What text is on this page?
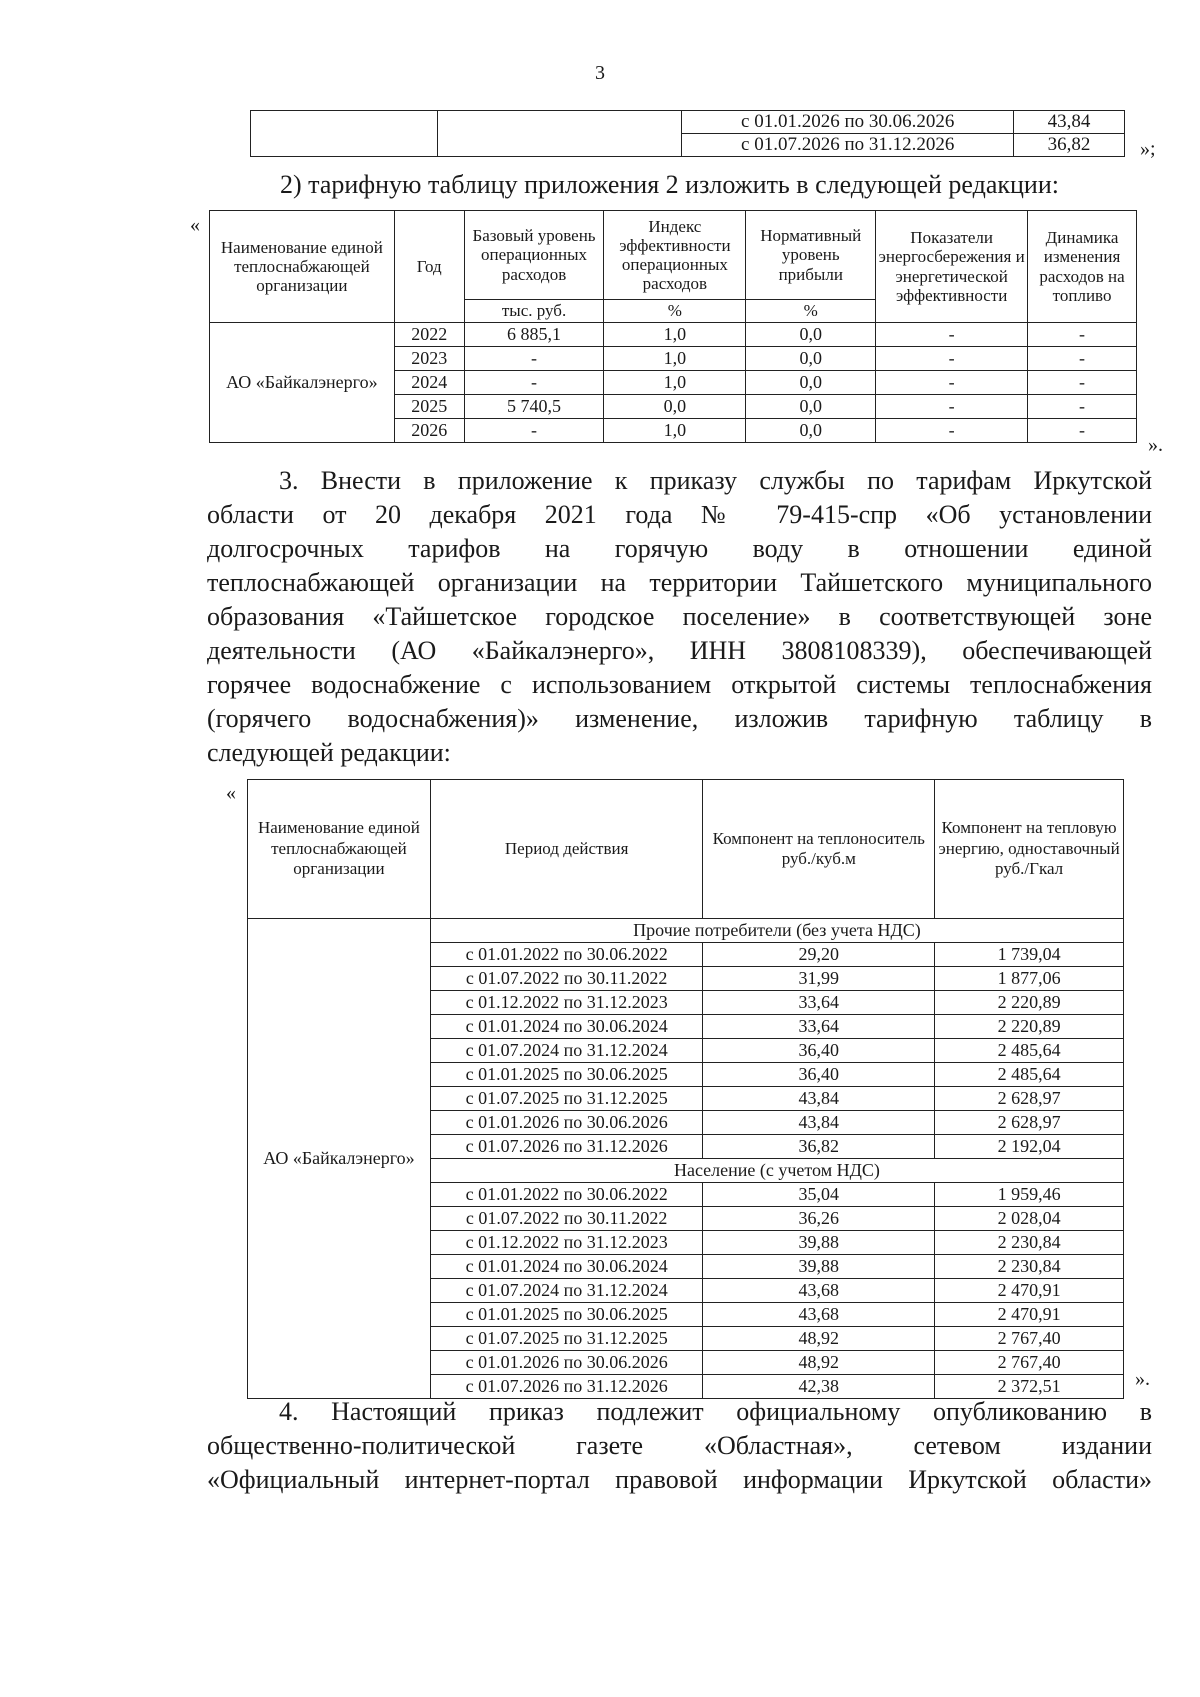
3
		с 01.01.2026 по 30.06.2026	43,84
		с 01.07.2026 по 31.12.2026	36,82 »;
2) тарифную таблицу приложения 2 изложить в следующей редакции:
«
Наименование единой теплоснабжающей организации	Год	Базовый уровень операционных расходов	Индекс эффективности операционных расходов	Нормативный уровень прибыли	Показатели энергосбережения и энергетической эффективности	Динамика изменения расходов на топливо
		тыс. руб.	%	%		
АО «Байкалэнерго»	2022	6 885,1	1,0	0,0	-	-
	2023	-	1,0	0,0	-	-
	2024	-	1,0	0,0	-	-
	2025	5 740,5	0,0	0,0	-	-
	2026	-	1,0	0,0	-	-
».
3. Внести в приложение к приказу службы по тарифам Иркутской
области от 20 декабря 2021 года № 79-415-спр «Об установлении
долгосрочных тарифов на горячую воду в отношении единой
теплоснабжающей организации на территории Тайшетского муниципального
образования «Тайшетское городское поселение» в соответствующей зоне
деятельности (АО «Байкалэнерго», ИНН 3808108339), обеспечивающей
горячее водоснабжение с использованием открытой системы теплоснабжения
(горячего водоснабжения)» изменение, изложив тарифную таблицу в
следующей редакции:
«
Наименование единой теплоснабжающей организации	Период действия	Компонент на теплоноситель руб./куб.м	Компонент на тепловую энергию, одноставочный руб./Гкал
АО «Байкалэнерго»	Прочие потребители (без учета НДС)		
	с 01.01.2022 по 30.06.2022	29,20	1 739,04
	с 01.07.2022 по 30.11.2022	31,99	1 877,06
	с 01.12.2022 по 31.12.2023	33,64	2 220,89
	с 01.01.2024 по 30.06.2024	33,64	2 220,89
	с 01.07.2024 по 31.12.2024	36,40	2 485,64
	с 01.01.2025 по 30.06.2025	36,40	2 485,64
	с 01.07.2025 по 31.12.2025	43,84	2 628,97
	с 01.01.2026 по 30.06.2026	43,84	2 628,97
	с 01.07.2026 по 31.12.2026	36,82	2 192,04
	Население (с учетом НДС)		
	с 01.01.2022 по 30.06.2022	35,04	1 959,46
	с 01.07.2022 по 30.11.2022	36,26	2 028,04
	с 01.12.2022 по 31.12.2023	39,88	2 230,84
	с 01.01.2024 по 30.06.2024	39,88	2 230,84
	с 01.07.2024 по 31.12.2024	43,68	2 470,91
	с 01.01.2025 по 30.06.2025	43,68	2 470,91
	с 01.07.2025 по 31.12.2025	48,92	2 767,40
	с 01.01.2026 по 30.06.2026	48,92	2 767,40
	с 01.07.2026 по 31.12.2026	42,38	2 372,51	».
4. Настоящий приказ подлежит официальному опубликованию в
общественно-политической газете «Областная», сетевом издании
«Официальный интернет-портал правовой информации Иркутской области»
